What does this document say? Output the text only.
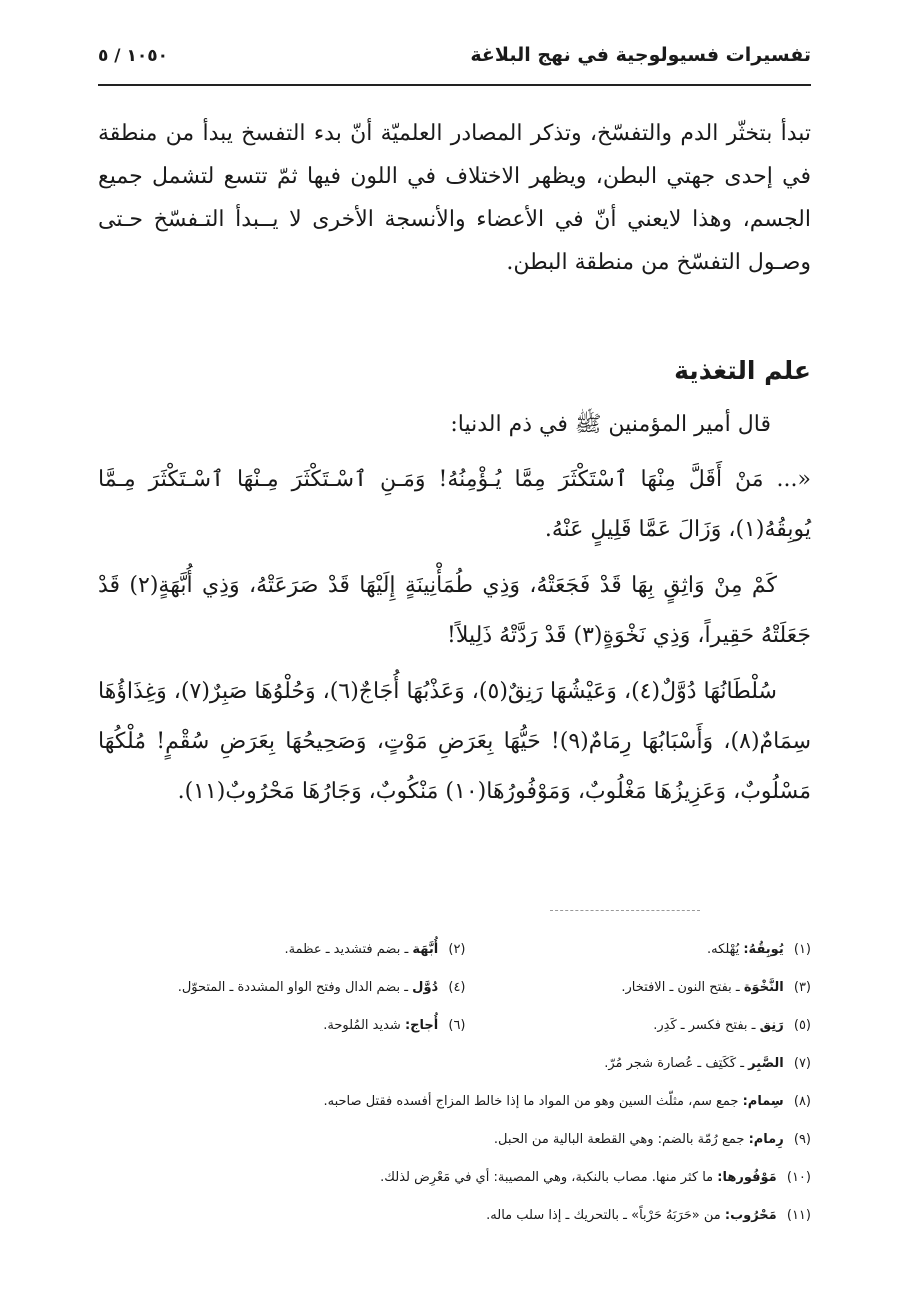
تفسيرات فسيولوجية في نهج البلاغة
١٠٥٠ / ٥

تبدأ بتخثّر الدم والتفسّخ، وتذكر المصادر العلميّة أنّ بدء التفسخ يبدأ من منطقة في إحدى جهتي البطن، ويظهر الاختلاف في اللون فيها ثمّ تتسع لتشمل جميع الجسم، وهذا لايعني أنّ في الأعضاء والأنسجة الأخرى لا يــبدأ التـفسّخ حـتى وصـول التفسّخ من منطقة البطن.

علم التغذية
قال أمير المؤمنين ﷺ في ذم الدنيا:

«... مَنْ أَقَلَّ مِنْهَا ٱسْتَكْثَرَ مِمَّا يُـؤْمِنُهُ! وَمَـنِ ٱسْـتَكْثَرَ مِـنْهَا ٱسْـتَكْثَرَ مِـمَّا يُوبِقُهُ(١)، وَزَالَ عَمَّا قَلِيلٍ عَنْهُ.

كَمْ مِنْ وَاثِقٍ بِهَا قَدْ فَجَعَتْهُ، وَذِي طُمَأْنِينَةٍ إِلَيْهَا قَدْ صَرَعَتْهُ، وَذِي أُبَّهَةٍ(٢) قَدْ جَعَلَتْهُ حَقِيراً، وَذِي نَخْوَةٍ(٣) قَدْ رَدَّتْهُ ذَلِيلاً!

سُلْطَانُهَا دُوَّلٌ(٤)، وَعَيْشُهَا رَنِقٌ(٥)، وَعَذْبُهَا أُجَاجٌ(٦)، وَحُلْوُهَا صَبِرٌ(٧)، وَغِذَاؤُهَا سِمَامٌ(٨)، وَأَسْبَابُهَا رِمَامٌ(٩)! حَيُّهَا بِعَرَضِ مَوْتٍ، وَصَحِيحُهَا بِعَرَضِ سُقْمٍ! مُلْكُهَا مَسْلُوبٌ، وَعَزِيزُهَا مَغْلُوبٌ، وَمَوْفُورُهَا(١٠) مَنْكُوبٌ، وَجَارُهَا مَحْرُوبٌ(١١).

(١) يُوبِقُهُ: يُهْلكه.
(٢) أُبَّهَة ـ بضم فتشديد ـ عظمة.
(٣) النَّخْوَة ـ بفتح النون ـ الافتخار.
(٤) دُوَّل ـ بضم الدال وفتح الواو المشددة ـ المتحوّل.
(٥) رَنِق ـ بفتح فكسر ـ كَدِر.
(٦) أُجاج: شديد المُلوحة.
(٧) الصَّبِر ـ كَكَتِف ـ عُصارة شجر مُرّ.
(٨) سِمام: جمع سم، مثلّث السين وهو من المواد ما إذا خالط المزاج أفسده فقتل صاحبه.
(٩) رِمام: جمع رُمّة بالضم: وهي القطعة البالية من الحبل.
(١٠) مَوْفُورها: ما كثر منها. مصاب بالنكبة، وهي المصيبة: أي في مَعْرِض لذلك.
(١١) مَحْرُوب: من «حَرَبَهُ حَرْباً» ـ بالتحريك ـ إذا سلب ماله.
